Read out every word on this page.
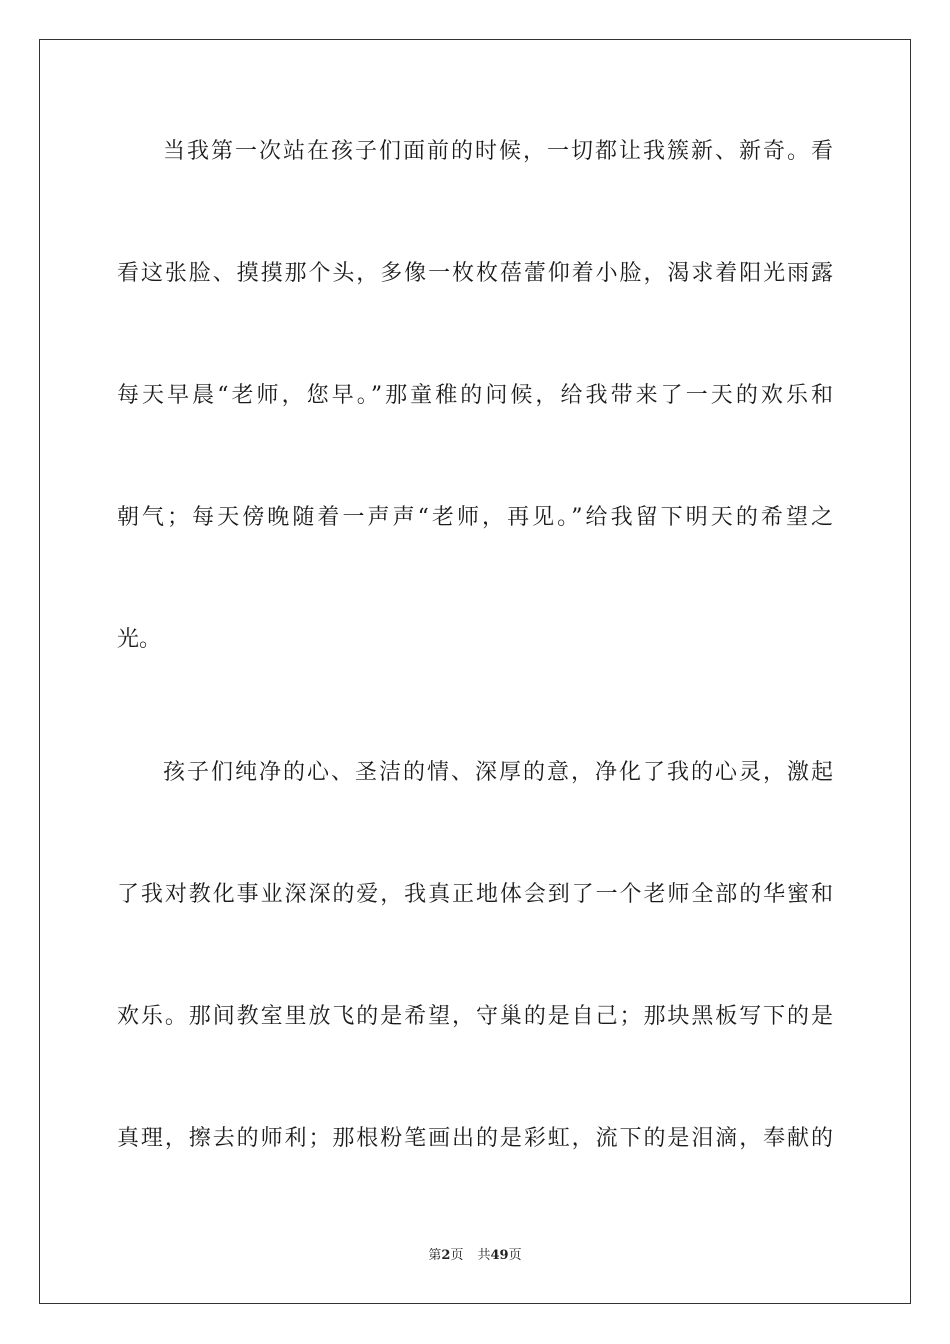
当我第一次站在孩子们面前的时候，一切都让我簇新、新奇。看
看这张脸、摸摸那个头，多像一枚枚蓓蕾仰着小脸，渴求着阳光雨露
每天早晨“老师，您早。”那童稚的问候，给我带来了一天的欢乐和
朝气；每天傍晚随着一声声“老师，再见。”给我留下明天的希望之
光。
孩子们纯净的心、圣洁的情、深厚的意，净化了我的心灵，激起
了我对教化事业深深的爱，我真正地体会到了一个老师全部的华蜜和
欢乐。那间教室里放飞的是希望，守巢的是自己；那块黑板写下的是
真理，擦去的师利；那根粉笔画出的是彩虹，流下的是泪滴，奉献的
第2页 共49页
